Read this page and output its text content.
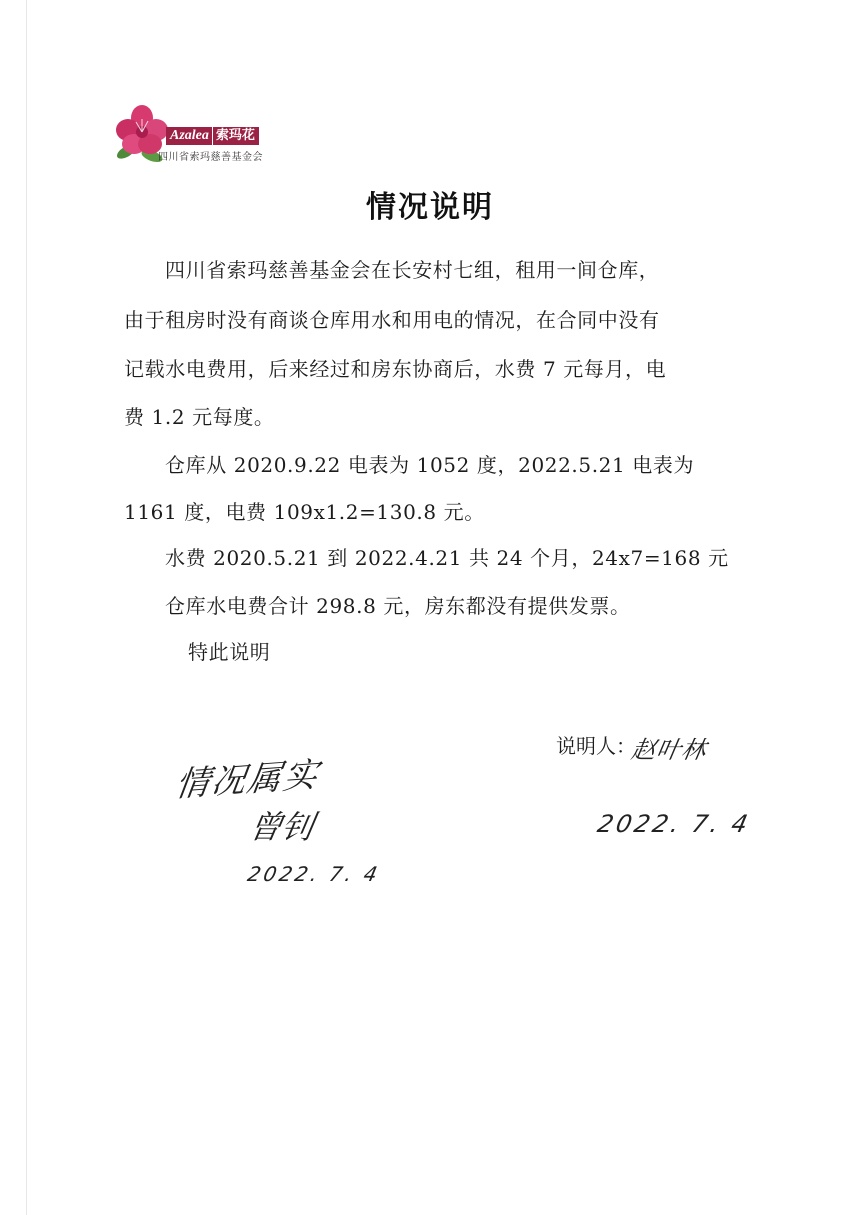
Azalea 索玛花
四川省索玛慈善基金会
情况说明
四川省索玛慈善基金会在长安村七组，租用一间仓库，
由于租房时没有商谈仓库用水和用电的情况，在合同中没有
记载水电费用，后来经过和房东协商后，水费 7 元每月，电
费 1.2 元每度。
仓库从 2020.9.22 电表为 1052 度，2022.5.21 电表为
1161 度，电费 109x1.2=130.8 元。
水费 2020.5.21 到 2022.4.21 共 24 个月，24x7=168 元
仓库水电费合计 298.8 元，房东都没有提供发票。
特此说明
说明人：
赵叶林
2022. 7. 4
情况属实
曾钊
2022. 7. 4
